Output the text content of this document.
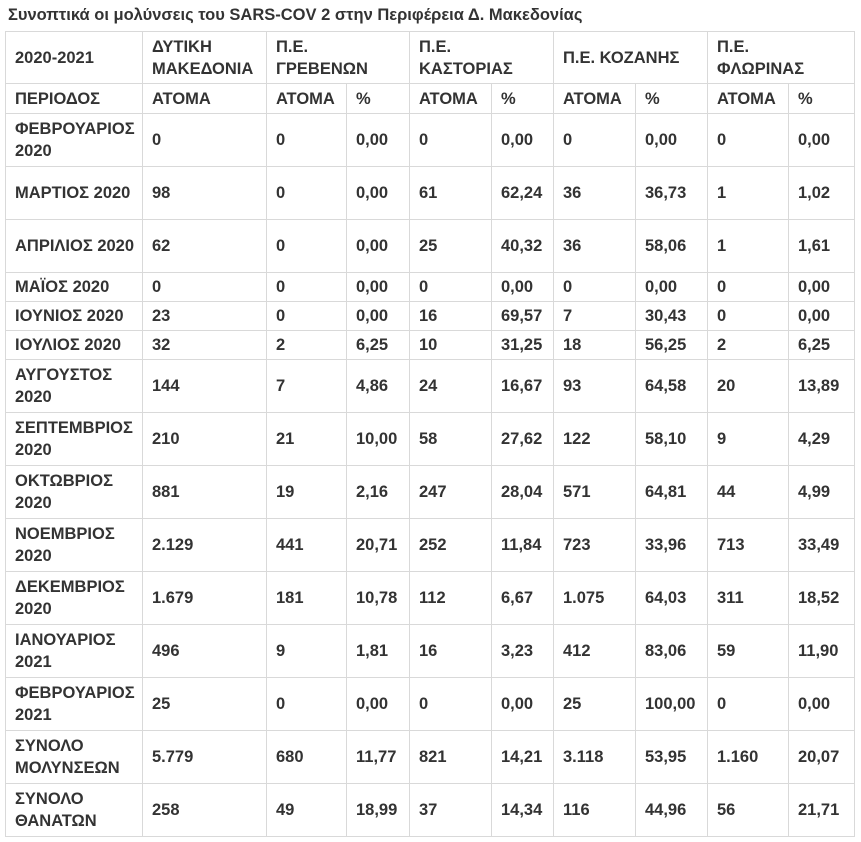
Συνοπτικά οι μολύνσεις του SARS-COV 2 στην Περιφέρεια Δ. Μακεδονίας
2020-2021	ΔΥΤΙΚΗ ΜΑΚΕΔΟΝΙΑ	Π.Ε. ΓΡΕΒΕΝΩΝ		Π.Ε. ΚΑΣΤΟΡΙΑΣ		Π.Ε. ΚΟΖΑΝΗΣ		Π.Ε. ΦΛΩΡΙΝΑΣ	
ΠΕΡΙΟΔΟΣ	ΑΤΟΜΑ	ΑΤΟΜΑ	%	ΑΤΟΜΑ	%	ΑΤΟΜΑ	%	ΑΤΟΜΑ	%
ΦΕΒΡΟΥΑΡΙΟΣ 2020	0	0	0,00	0	0,00	0	0,00	0	0,00
ΜΑΡΤΙΟΣ 2020	98	0	0,00	61	62,24	36	36,73	1	1,02
ΑΠΡΙΛΙΟΣ 2020	62	0	0,00	25	40,32	36	58,06	1	1,61
ΜΑΪΟΣ 2020	0	0	0,00	0	0,00	0	0,00	0	0,00
ΙΟΥΝΙΟΣ 2020	23	0	0,00	16	69,57	7	30,43	0	0,00
ΙΟΥΛΙΟΣ 2020	32	2	6,25	10	31,25	18	56,25	2	6,25
ΑΥΓΟΥΣΤΟΣ 2020	144	7	4,86	24	16,67	93	64,58	20	13,89
ΣΕΠΤΕΜΒΡΙΟΣ 2020	210	21	10,00	58	27,62	122	58,10	9	4,29
ΟΚΤΩΒΡΙΟΣ 2020	881	19	2,16	247	28,04	571	64,81	44	4,99
ΝΟΕΜΒΡΙΟΣ 2020	2.129	441	20,71	252	11,84	723	33,96	713	33,49
ΔΕΚΕΜΒΡΙΟΣ 2020	1.679	181	10,78	112	6,67	1.075	64,03	311	18,52
ΙΑΝΟΥΑΡΙΟΣ 2021	496	9	1,81	16	3,23	412	83,06	59	11,90
ΦΕΒΡΟΥΑΡΙΟΣ 2021	25	0	0,00	0	0,00	25	100,00	0	0,00
ΣΥΝΟΛΟ ΜΟΛΥΝΣΕΩΝ	5.779	680	11,77	821	14,21	3.118	53,95	1.160	20,07
ΣΥΝΟΛΟ ΘΑΝΑΤΩΝ	258	49	18,99	37	14,34	116	44,96	56	21,71
